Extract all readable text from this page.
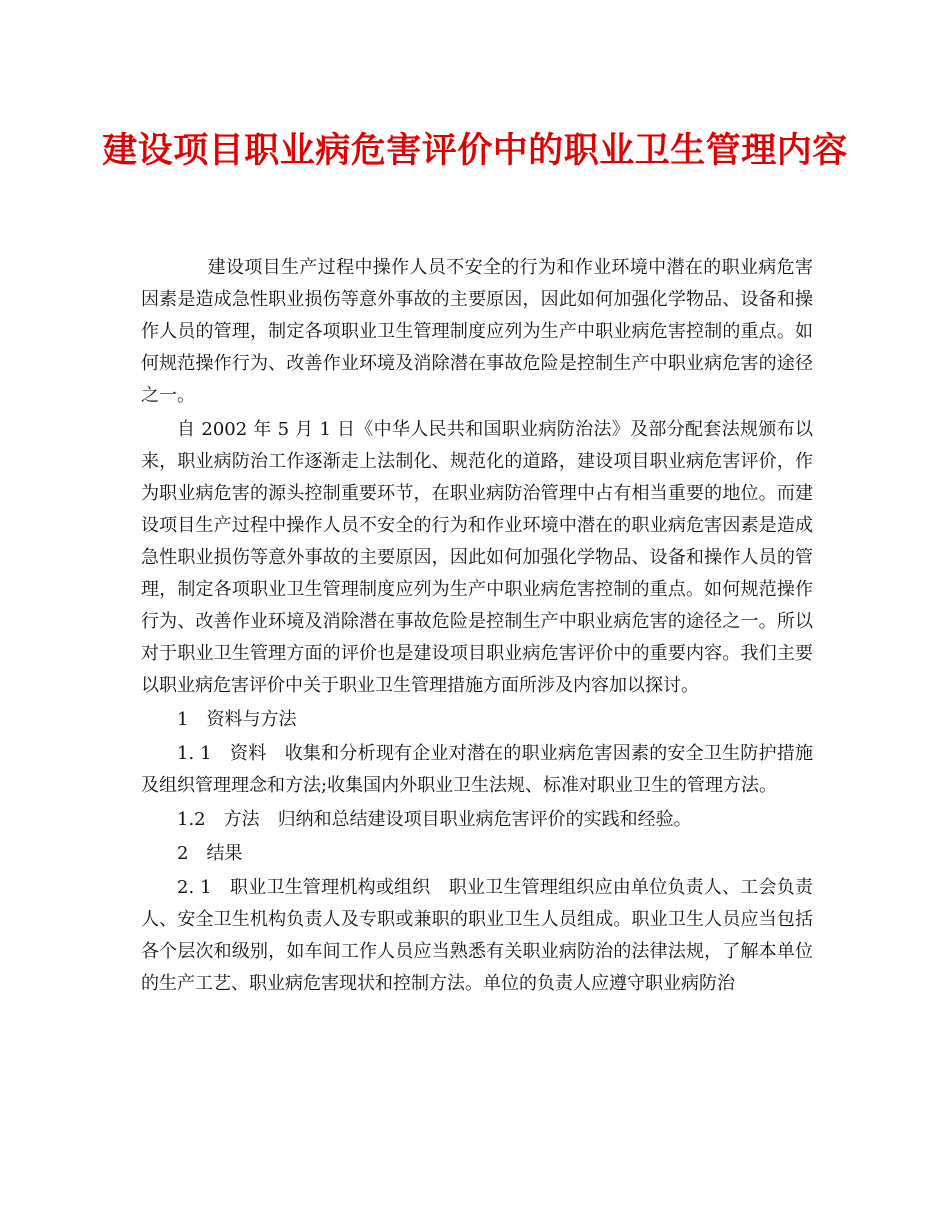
建设项目职业病危害评价中的职业卫生管理内容

建设项目生产过程中操作人员不安全的行为和作业环境中潜在的职业病危害因素是造成急性职业损伤等意外事故的主要原因，因此如何加强化学物品、设备和操作人员的管理，制定各项职业卫生管理制度应列为生产中职业病危害控制的重点。如何规范操作行为、改善作业环境及消除潜在事故危险是控制生产中职业病危害的途径之一。

自 2002 年 5 月 1 日《中华人民共和国职业病防治法》及部分配套法规颁布以来，职业病防治工作逐渐走上法制化、规范化的道路，建设项目职业病危害评价，作为职业病危害的源头控制重要环节，在职业病防治管理中占有相当重要的地位。而建设项目生产过程中操作人员不安全的行为和作业环境中潜在的职业病危害因素是造成急性职业损伤等意外事故的主要原因，因此如何加强化学物品、设备和操作人员的管理，制定各项职业卫生管理制度应列为生产中职业病危害控制的重点。如何规范操作行为、改善作业环境及消除潜在事故危险是控制生产中职业病危害的途径之一。所以对于职业卫生管理方面的评价也是建设项目职业病危害评价中的重要内容。我们主要以职业病危害评价中关于职业卫生管理措施方面所涉及内容加以探讨。

1　资料与方法

1. 1　资料　收集和分析现有企业对潜在的职业病危害因素的安全卫生防护措施及组织管理理念和方法;收集国内外职业卫生法规、标准对职业卫生的管理方法。

1.2　方法　归纳和总结建设项目职业病危害评价的实践和经验。

2　结果

2. 1　职业卫生管理机构或组织　职业卫生管理组织应由单位负责人、工会负责人、安全卫生机构负责人及专职或兼职的职业卫生人员组成。职业卫生人员应当包括各个层次和级别，如车间工作人员应当熟悉有关职业病防治的法律法规，了解本单位的生产工艺、职业病危害现状和控制方法。单位的负责人应遵守职业病防治
